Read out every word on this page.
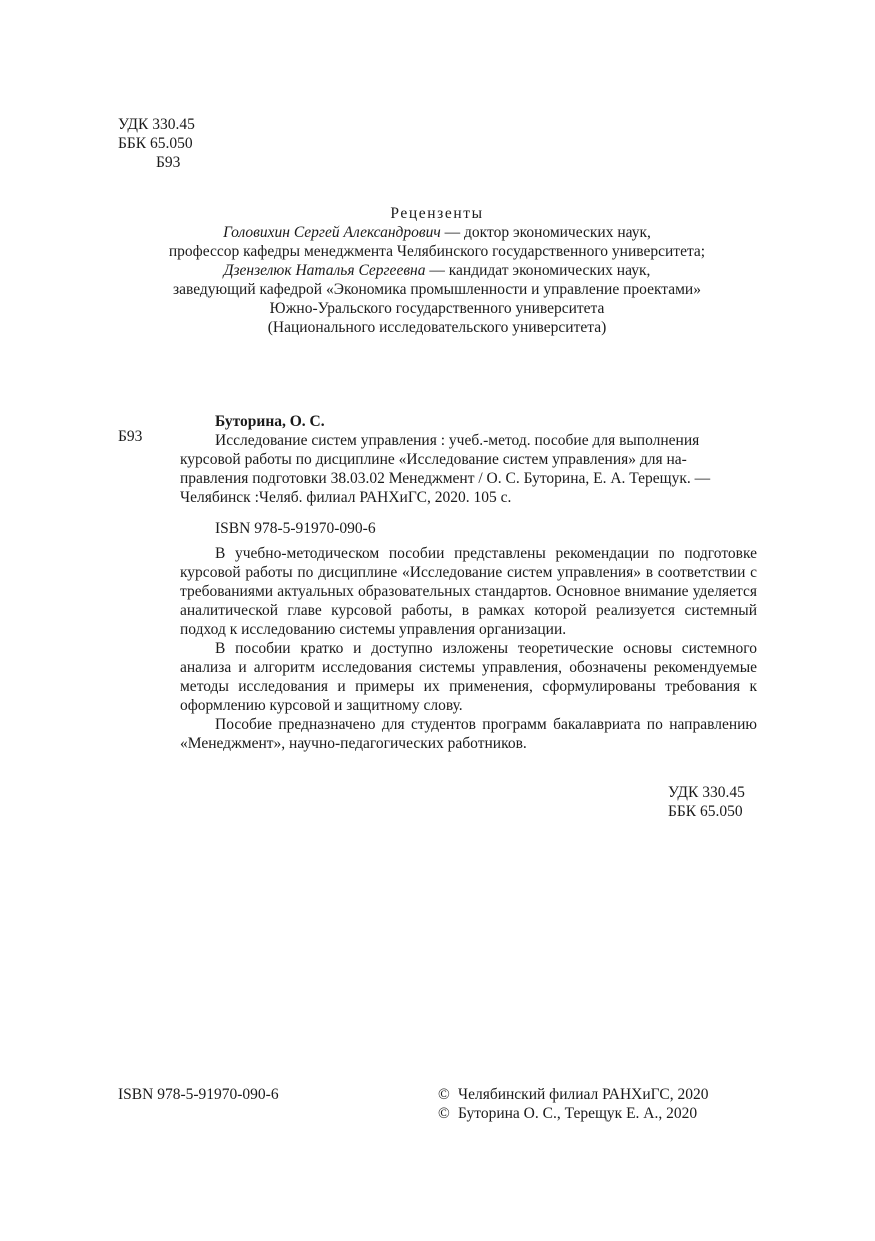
УДК 330.45
ББК 65.050
Б93
Рецензенты
Головихин Сергей Александрович — доктор экономических наук,
профессор кафедры менеджмента Челябинского государственного университета;
Дзензелюк Наталья Сергеевна — кандидат экономических наук,
заведующий кафедрой «Экономика промышленности и управление проектами»
Южно-Уральского государственного университета
(Национального исследовательского университета)
Б93
Буторина, О. С.
Исследование систем управления : учеб.-метод. пособие для выполнения
курсовой работы по дисциплине «Исследование систем управления» для на-
правления подготовки 38.03.02 Менеджмент / О. С. Буторина, Е. А. Терещук. —
Челябинск :Челяб. филиал РАНХиГС, 2020. 105 с.
ISBN 978-5-91970-090-6

В учебно-методическом пособии представлены рекомендации по подготовке курсовой работы по дисциплине «Исследование систем управления» в соответствии с требованиями актуальных образовательных стандартов. Основное внимание уделяется аналитической главе курсовой работы, в рамках которой реализуется системный подход к исследованию системы управления организации.

В пособии кратко и доступно изложены теоретические основы системного анализа и алгоритм исследования системы управления, обозначены рекомендуемые методы исследования и примеры их применения, сформулированы требования к оформлению курсовой и защитному слову.

Пособие предназначено для студентов программ бакалавриата по направлению «Менеджмент», научно-педагогических работников.

УДК 330.45
ББК 65.050
ISBN 978-5-91970-090-6	© Челябинский филиал РАНХиГС, 2020
© Буторина О. С., Терещук Е. А., 2020
